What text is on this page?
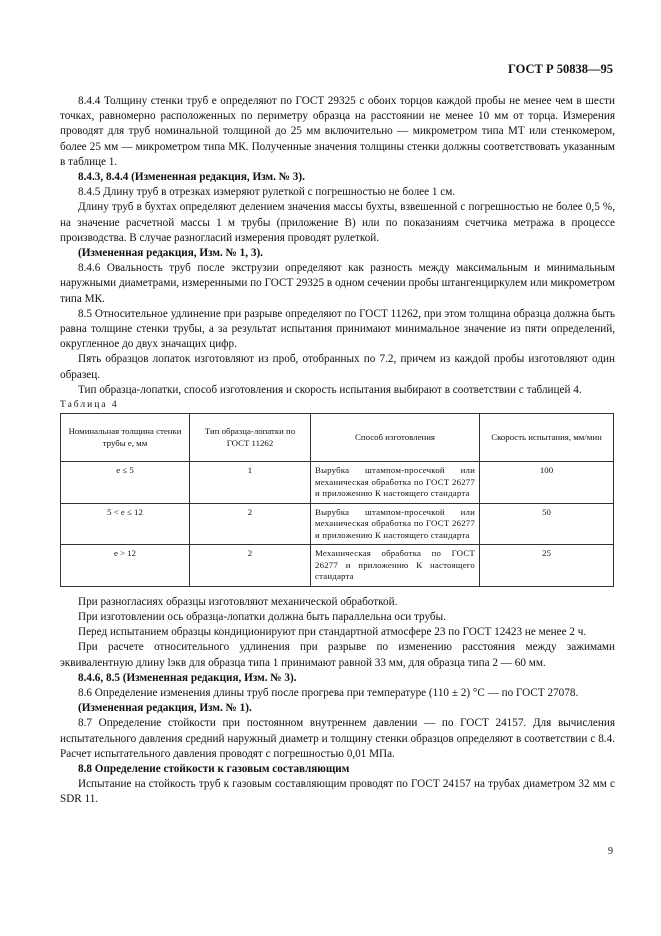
ГОСТ Р 50838—95

8.4.4 Толщину стенки труб e определяют по ГОСТ 29325 с обоих торцов каждой пробы не менее чем в шести точках, равномерно расположенных по периметру образца на расстоянии не менее 10 мм от торца. Измерения проводят для труб номинальной толщиной до 25 мм включительно — микрометром типа МТ или стенкомером, более 25 мм — микрометром типа МК. Полученные значения толщины стенки должны соответствовать указанным в таблице 1.

8.4.3, 8.4.4 (Измененная редакция, Изм. № 3).

8.4.5 Длину труб в отрезках измеряют рулеткой с погрешностью не более 1 см.

Длину труб в бухтах определяют делением значения массы бухты, взвешенной с погрешностью не более 0,5 %, на значение расчетной массы 1 м трубы (приложение В) или по показаниям счетчика метража в процессе производства. В случае разногласий измерения проводят рулеткой.

(Измененная редакция, Изм. № 1, 3).

8.4.6 Овальность труб после экструзии определяют как разность между максимальным и минимальным наружными диаметрами, измеренными по ГОСТ 29325 в одном сечении пробы штангенциркулем или микрометром типа МК.

8.5 Относительное удлинение при разрыве определяют по ГОСТ 11262, при этом толщина образца должна быть равна толщине стенки трубы, а за результат испытания принимают минимальное значение из пяти определений, округленное до двух значащих цифр.

Пять образцов лопаток изготовляют из проб, отобранных по 7.2, причем из каждой пробы изготовляют один образец.

Тип образца-лопатки, способ изготовления и скорость испытания выбирают в соответствии с таблицей 4.

Таблица 4

Номинальная толщина стенки трубы e, мм	Тип образца-лопатки по ГОСТ 11262	Способ изготовления	Скорость испытания, мм/мин
e ≤ 5	1	Вырубка штампом-просечкой или механическая обработка по ГОСТ 26277 и приложению К настоящего стандарта	100
5 < e ≤ 12	2	Вырубка штампом-просечкой или механическая обработка по ГОСТ 26277 и приложению К настоящего стандарта	50
e > 12	2	Механическая обработка по ГОСТ 26277 и приложению К настоящего стандарта	25

При разногласиях образцы изготовляют механической обработкой.

При изготовлении ось образца-лопатки должна быть параллельна оси трубы.

Перед испытанием образцы кондиционируют при стандартной атмосфере 23 по ГОСТ 12423 не менее 2 ч.

При расчете относительного удлинения при разрыве по изменению расстояния между зажимами эквивалентную длину lэкв для образца типа 1 принимают равной 33 мм, для образца типа 2 — 60 мм.

8.4.6, 8.5 (Измененная редакция, Изм. № 3).

8.6 Определение изменения длины труб после прогрева при температуре (110 ± 2) °С — по ГОСТ 27078.

(Измененная редакция, Изм. № 1).

8.7 Определение стойкости при постоянном внутреннем давлении — по ГОСТ 24157. Для вычисления испытательного давления средний наружный диаметр и толщину стенки образцов определяют в соответствии с 8.4. Расчет испытательного давления проводят с погрешностью 0,01 МПа.

8.8 Определение стойкости к газовым составляющим

Испытание на стойкость труб к газовым составляющим проводят по ГОСТ 24157 на трубах диаметром 32 мм с SDR 11.

9
